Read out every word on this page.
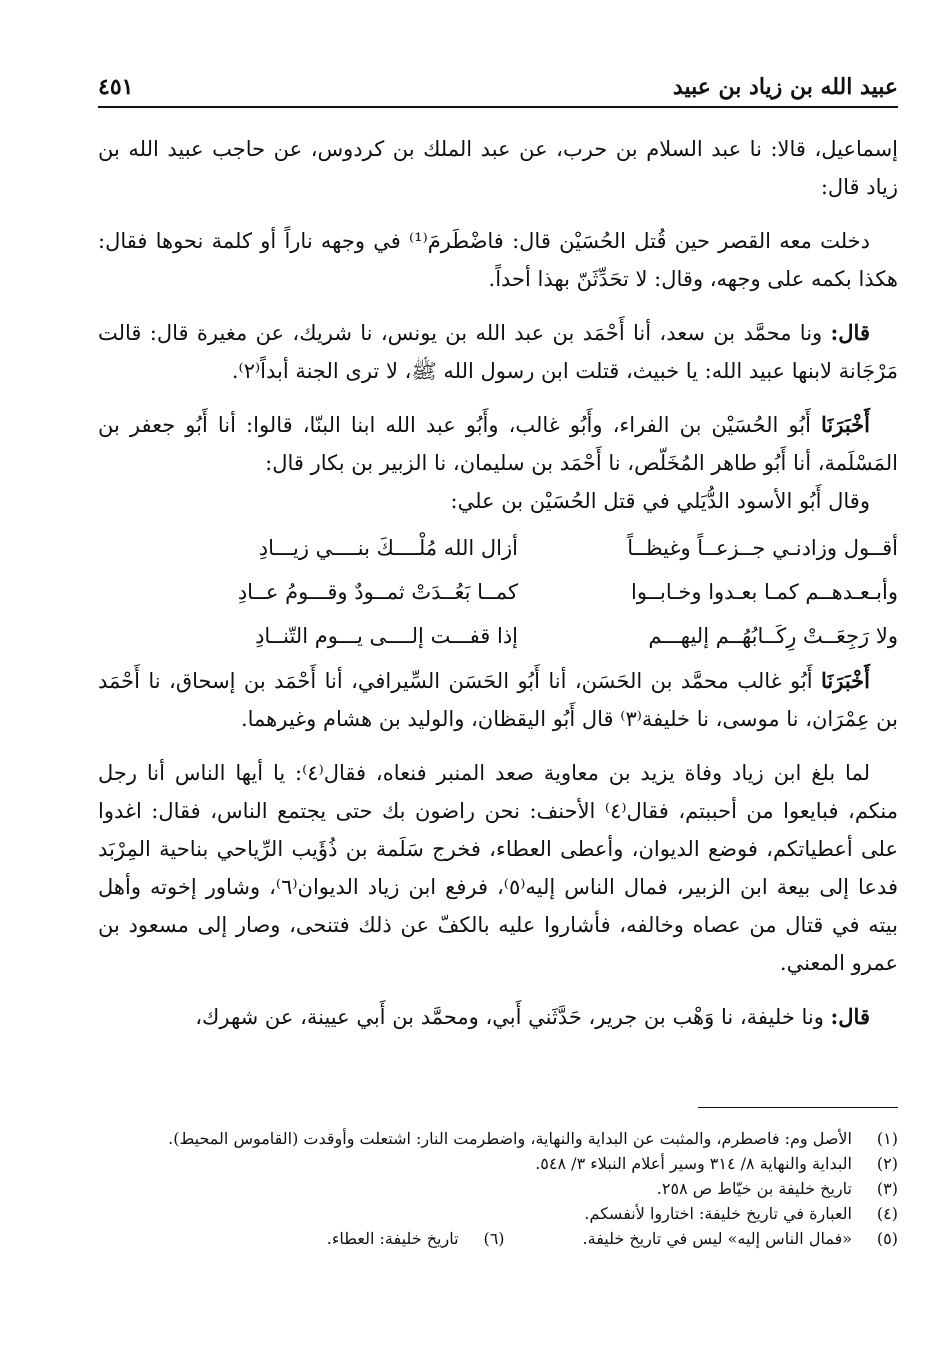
عبيد الله بن زياد بن عبيد
٤٥١

إسماعيل، قالا: نا عبد السلام بن حرب، عن عبد الملك بن كردوس، عن حاجب عبيد الله بن زياد قال:

دخلت معه القصر حين قُتل الحُسَيْن قال: فاضْطَرمَ⁽¹⁾ في وجهه ناراً أو كلمة نحوها فقال: هكذا بكمه على وجهه، وقال: لا تحَدِّثَنّ بهذا أحداً.

قال: ونا محمَّد بن سعد، أنا أَحْمَد بن عبد الله بن يونس، نا شريك، عن مغيرة قال: قالت مَرْجَانة لابنها عبيد الله: يا خبيث، قتلت ابن رسول الله ﷺ، لا ترى الجنة أبداً⁽٢⁾.

أَخْبَرَنَا أَبُو الحُسَيْن بن الفراء، وأَبُو غالب، وأَبُو عبد الله ابنا البنّا، قالوا: أنا أَبُو جعفر بن المَسْلَمة، أنا أَبُو طاهر المُخَلّص، نا أَحْمَد بن سليمان، نا الزبير بن بكار قال:

وقال أَبُو الأسود الدُّيَلي في قتل الحُسَيْن بن علي:

أقــول وزادنـي جــزعــاً وغيظــاً
أزال الله مُلْــــكَ بنــــي زيـــادِ
وأبـعـدهــم كمـا بعـدوا وخـابــوا
كمــا بَعُــدَتْ ثمــودٌ وقـــومُ عــادِ
ولا رَجِعَــتْ رِكَــابُهُــم إليهـــم
إذا قفـــت إلــــى يـــوم التّنــادِ

أَخْبَرَنَا أَبُو غالب محمَّد بن الحَسَن، أنا أَبُو الحَسَن السِّيرافي، أنا أَحْمَد بن إسحاق، نا أَحْمَد بن عِمْرَان، نا موسى، نا خليفة⁽٣⁾ قال أَبُو اليقظان، والوليد بن هشام وغيرهما.

لما بلغ ابن زياد وفاة يزيد بن معاوية صعد المنبر فنعاه، فقال⁽٤⁾: يا أيها الناس أنا رجل منكم، فبايعوا من أحببتم، فقال⁽٤⁾ الأحنف: نحن راضون بك حتى يجتمع الناس، فقال: اغدوا على أعطياتكم، فوضع الديوان، وأعطى العطاء، فخرج سَلَمة بن ذُؤَيب الرِّياحي بناحية المِرْبَد فدعا إلى بيعة ابن الزبير، فمال الناس إليه⁽٥⁾، فرفع ابن زياد الديوان⁽٦⁾، وشاور إخوته وأهل بيته في قتال من عصاه وخالفه، فأشاروا عليه بالكفّ عن ذلك فتنحى، وصار إلى مسعود بن عمرو المعني.

قال: ونا خليفة، نا وَهْب بن جرير، حَدَّثَني أَبي، ومحمَّد بن أَبي عيينة، عن شهرك،

(١)الأصل وم: فاصطرم، والمثبت عن البداية والنهاية، واضطرمت النار: اشتعلت وأوقدت (القاموس المحيط).
(٢)البداية والنهاية ٨/ ٣١٤ وسير أعلام النبلاء ٣/ ٥٤٨.
(٣)تاريخ خليفة بن خيّاط ص ٢٥٨.
(٤)العبارة في تاريخ خليفة: اختاروا لأنفسكم.
(٥)«فمال الناس إليه» ليس في تاريخ خليفة.(٦)تاريخ خليفة: العطاء.
